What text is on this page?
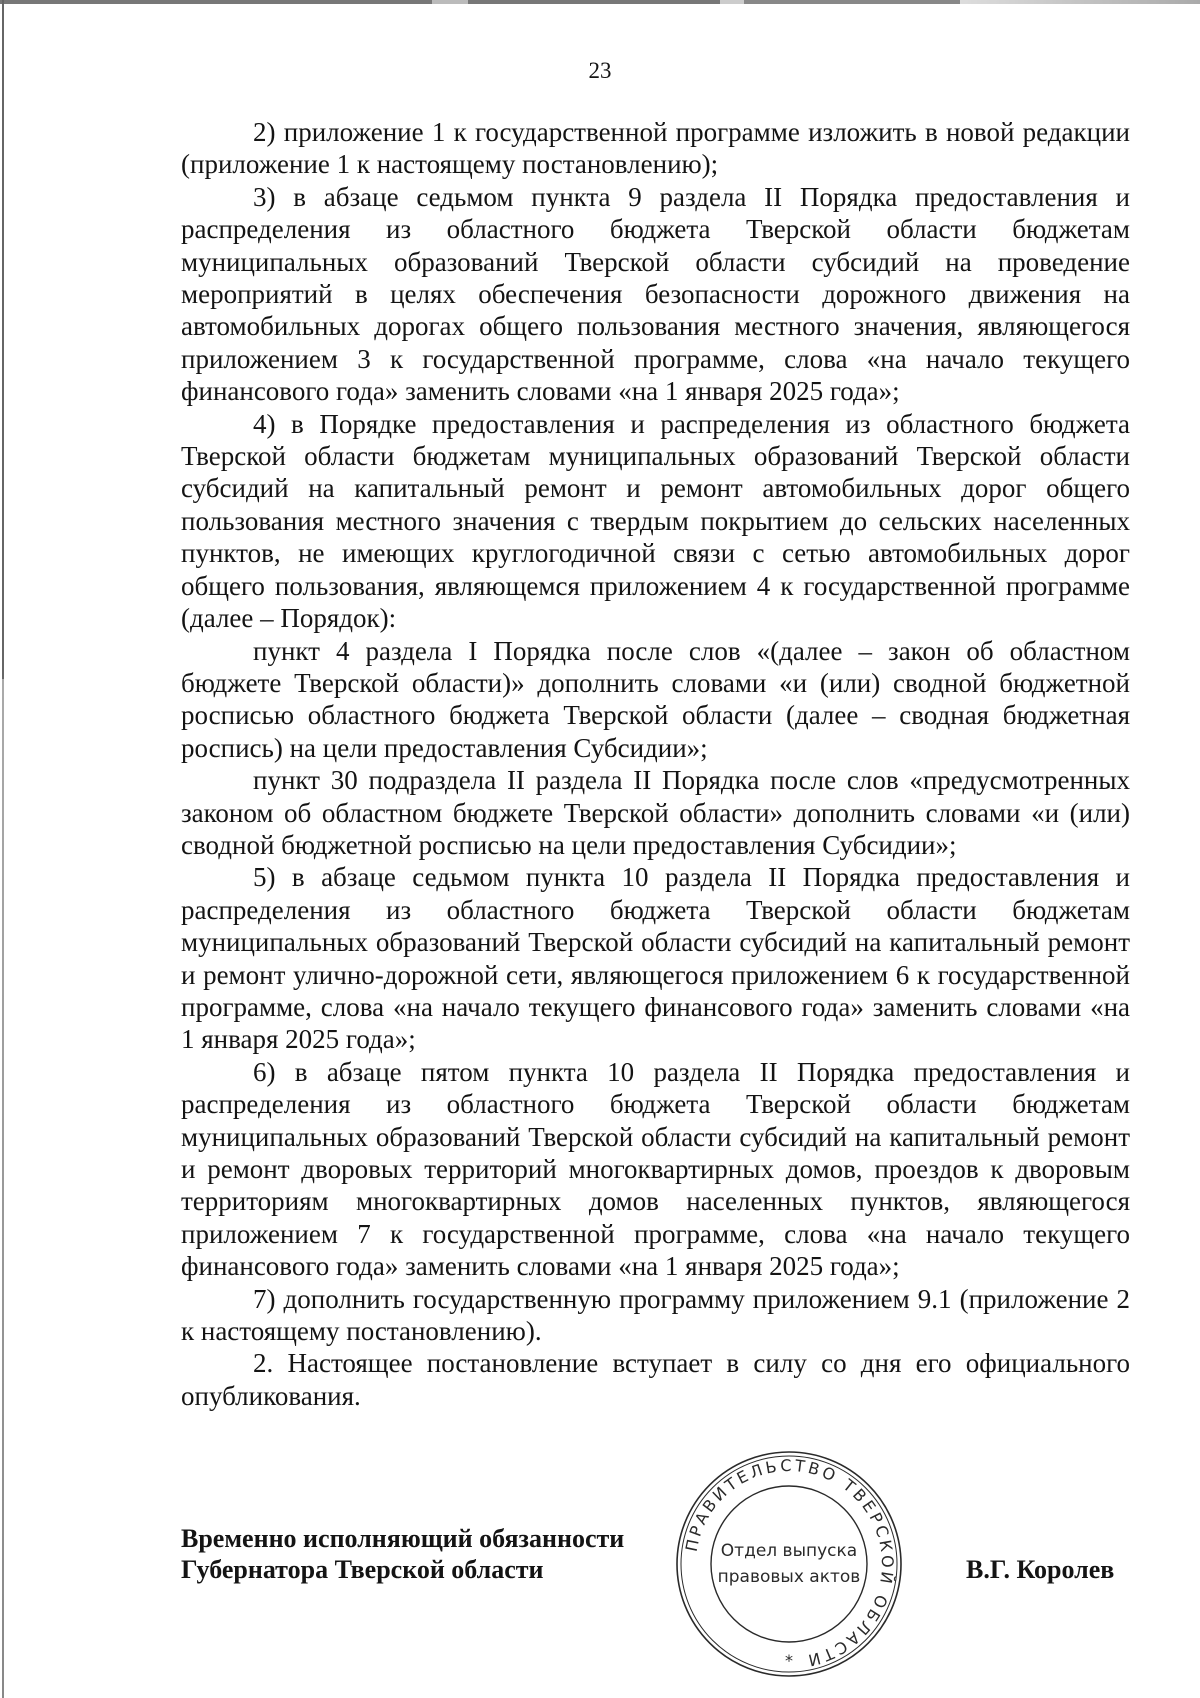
23

2) приложение 1 к государственной программе изложить в новой редакции (приложение 1 к настоящему постановлению);

3) в абзаце седьмом пункта 9 раздела II Порядка предоставления и распределения из областного бюджета Тверской области бюджетам муниципальных образований Тверской области субсидий на проведение мероприятий в целях обеспечения безопасности дорожного движения на автомобильных дорогах общего пользования местного значения, являющегося приложением 3 к государственной программе, слова «на начало текущего финансового года» заменить словами «на 1 января 2025 года»;

4) в Порядке предоставления и распределения из областного бюджета Тверской области бюджетам муниципальных образований Тверской области субсидий на капитальный ремонт и ремонт автомобильных дорог общего пользования местного значения с твердым покрытием до сельских населенных пунктов, не имеющих круглогодичной связи с сетью автомобильных дорог общего пользования, являющемся приложением 4 к государственной программе (далее – Порядок):

пункт 4 раздела I Порядка после слов «(далее – закон об областном бюджете Тверской области)» дополнить словами «и (или) сводной бюджетной росписью областного бюджета Тверской области (далее – сводная бюджетная роспись) на цели предоставления Субсидии»;

пункт 30 подраздела II раздела II Порядка после слов «предусмотренных законом об областном бюджете Тверской области» дополнить словами «и (или) сводной бюджетной росписью на цели предоставления Субсидии»;

5) в абзаце седьмом пункта 10 раздела II Порядка предоставления и распределения из областного бюджета Тверской области бюджетам муниципальных образований Тверской области субсидий на капитальный ремонт и ремонт улично-дорожной сети, являющегося приложением 6 к государственной программе, слова «на начало текущего финансового года» заменить словами «на 1 января 2025 года»;

6) в абзаце пятом пункта 10 раздела II Порядка предоставления и распределения из областного бюджета Тверской области бюджетам муниципальных образований Тверской области субсидий на капитальный ремонт и ремонт дворовых территорий многоквартирных домов, проездов к дворовым территориям многоквартирных домов населенных пунктов, являющегося приложением 7 к государственной программе, слова «на начало текущего финансового года» заменить словами «на 1 января 2025 года»;

7) дополнить государственную программу приложением 9.1 (приложение 2 к настоящему постановлению).

2. Настоящее постановление вступает в силу со дня его официального опубликования.

Временно исполняющий обязанности
Губернатора Тверской области	В.Г. Королев
ПРАВИТЕЛЬСТВО ТВЕРСКОЙ ОБЛАСТИ
Отдел выпуска
правовых актов
*
